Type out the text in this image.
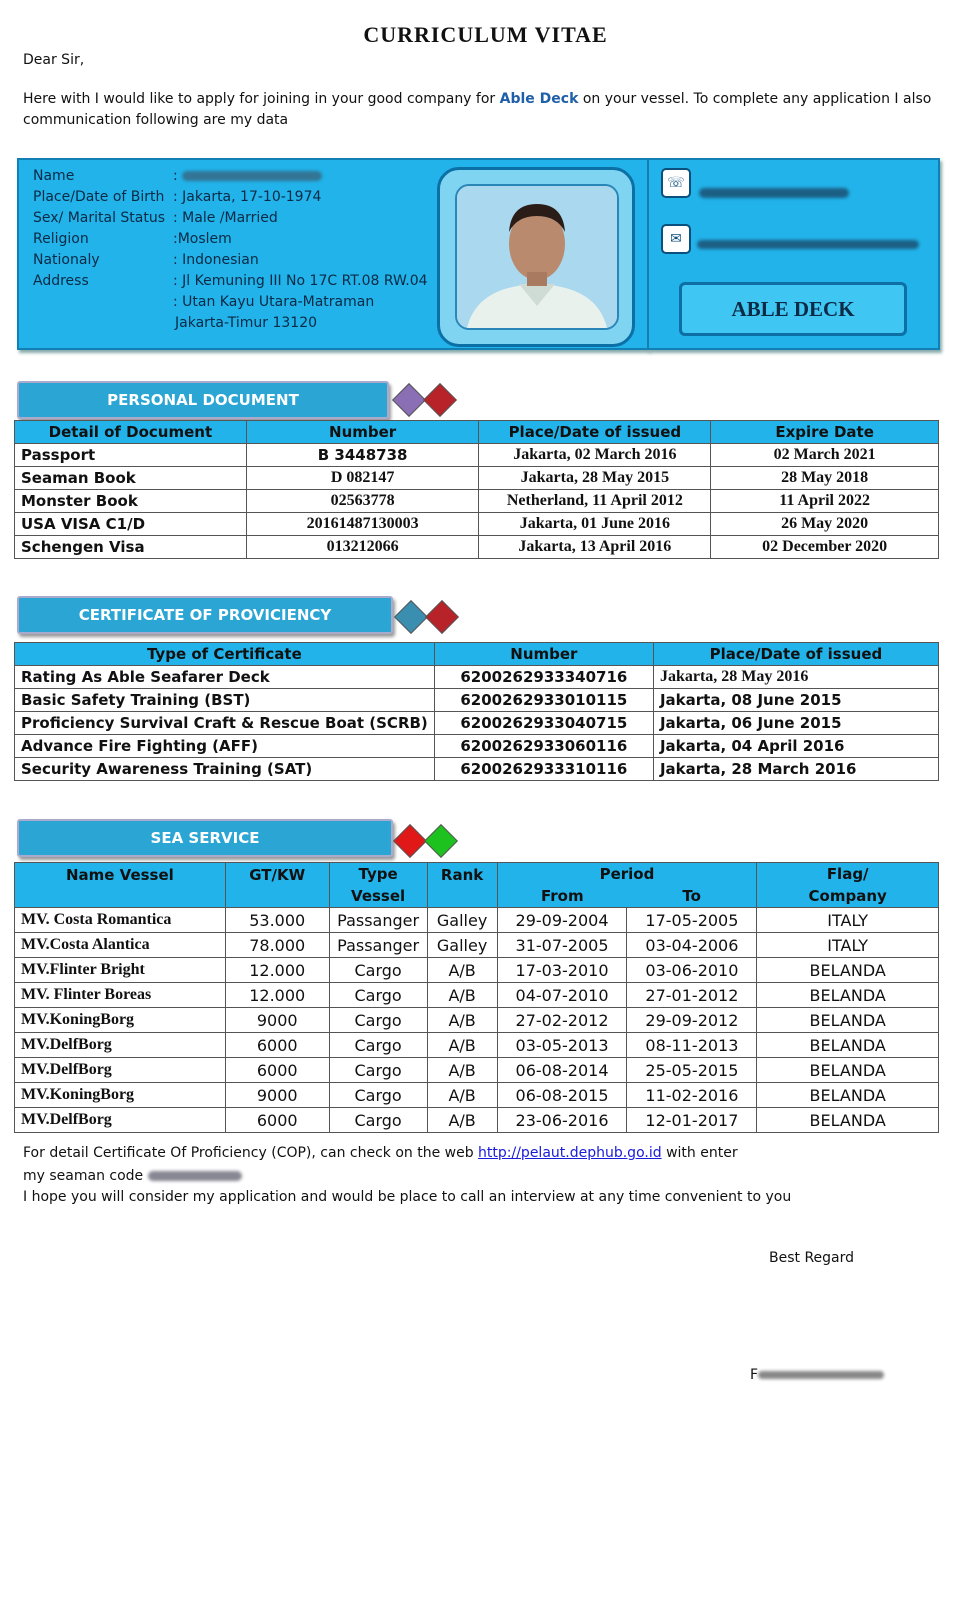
CURRICULUM VITAE
Dear Sir,
Here with I would like to apply for joining in your good company for Able Deck on your vessel. To complete any application I also communication following are my data
Name	:
Place/Date of Birth : Jakarta, 17-10-1974
Sex/ Marital Status : Male /Married
Religion	:Moslem
Nationaly	: Indonesian
Address	: Jl Kemuning III No 17C RT.08 RW.04
: Utan Kayu Utara-Matraman
Jakarta-Timur 13120
☏
✉
ABLE DECK
PERSONAL DOCUMENT
Detail of Document	Number	Place/Date of issued	Expire Date
Passport	B 3448738	Jakarta, 02 March 2016	02 March 2021
Seaman Book	D 082147	Jakarta, 28 May 2015	28 May 2018
Monster Book	02563778	Netherland, 11 April 2012	11 April 2022
USA VISA C1/D	20161487130003	Jakarta, 01 June 2016	26 May 2020
Schengen Visa	013212066	Jakarta, 13 April 2016	02 December 2020
CERTIFICATE OF PROVICIENCY
Type of Certificate	Number	Place/Date of issued
Rating As Able Seafarer Deck	6200262933340716	Jakarta, 28 May 2016
Basic Safety Training (BST)	6200262933010115	Jakarta, 08 June 2015
Proficiency Survival Craft & Rescue Boat (SCRB)	6200262933040715	Jakarta, 06 June 2015
Advance Fire Fighting (AFF)	6200262933060116	Jakarta, 04 April 2016
Security Awareness Training (SAT)	6200262933310116	Jakarta, 28 March 2016
SEA SERVICE
Name Vessel	GT/KW	Type	Rank	Period		Flag/
		Vessel		From	To	Company
MV. Costa Romantica	53.000	Passanger	Galley	29-09-2004	17-05-2005	ITALY
MV.Costa Alantica	78.000	Passanger	Galley	31-07-2005	03-04-2006	ITALY
MV.Flinter Bright	12.000	Cargo	A/B	17-03-2010	03-06-2010	BELANDA
MV. Flinter Boreas	12.000	Cargo	A/B	04-07-2010	27-01-2012	BELANDA
MV.KoningBorg	9000	Cargo	A/B	27-02-2012	29-09-2012	BELANDA
MV.DelfBorg	6000	Cargo	A/B	03-05-2013	08-11-2013	BELANDA
MV.DelfBorg	6000	Cargo	A/B	06-08-2014	25-05-2015	BELANDA
MV.KoningBorg	9000	Cargo	A/B	06-08-2015	11-02-2016	BELANDA
MV.DelfBorg	6000	Cargo	A/B	23-06-2016	12-01-2017	BELANDA
For detail Certificate Of Proficiency (COP), can check on the web http://pelaut.dephub.go.id with enter
my seaman code
I hope you will consider my application and would be place to call an interview at any time convenient to you
Best Regard
F
